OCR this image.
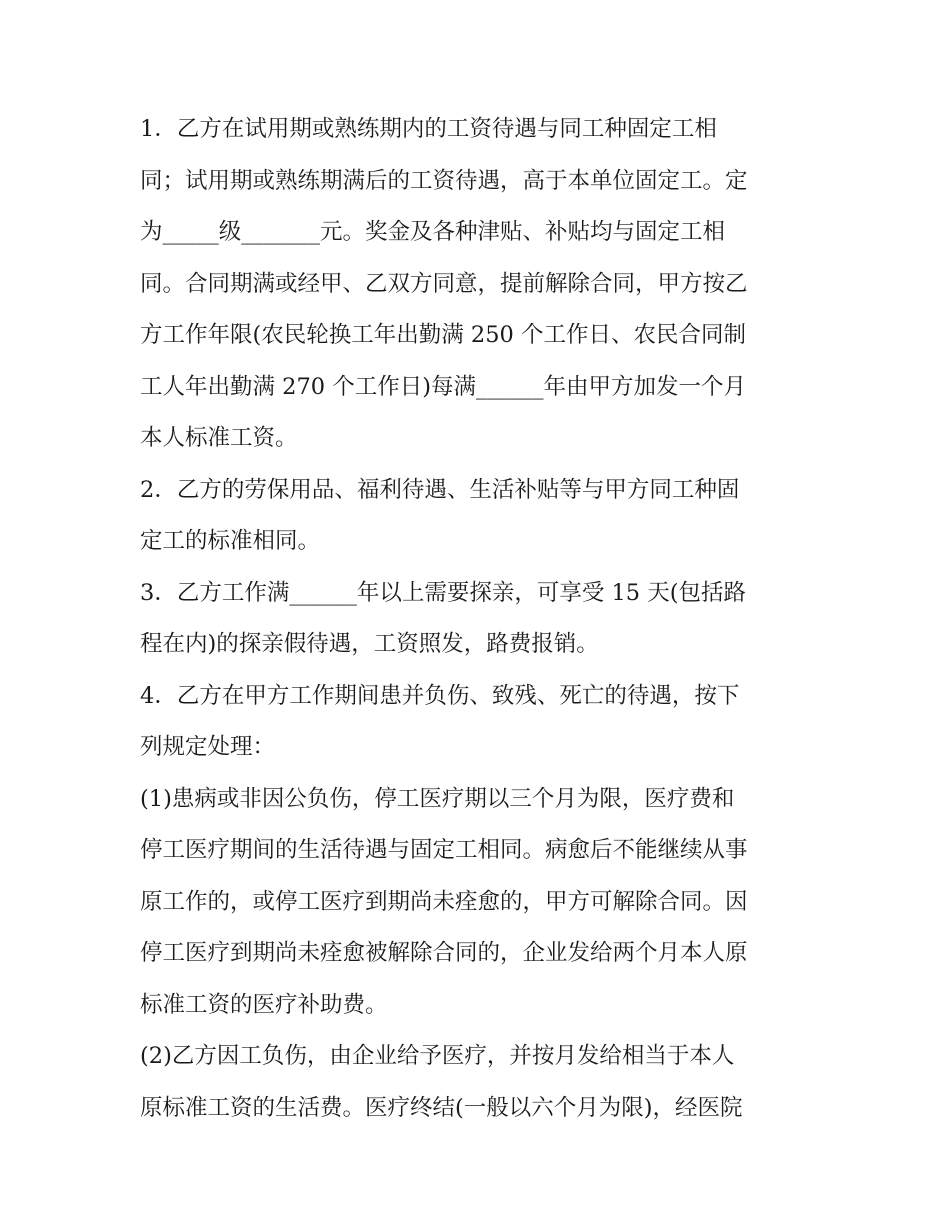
1．乙方在试用期或熟练期内的工资待遇与同工种固定工相
同；试用期或熟练期满后的工资待遇，高于本单位固定工。定
为_____级_______元。奖金及各种津贴、补贴均与固定工相
同。合同期满或经甲、乙双方同意，提前解除合同，甲方按乙
方工作年限(农民轮换工年出勤满 250 个工作日、农民合同制
工人年出勤满 270 个工作日)每满______年由甲方加发一个月
本人标准工资。
2．乙方的劳保用品、福利待遇、生活补贴等与甲方同工种固
定工的标准相同。
3．乙方工作满______年以上需要探亲，可享受 15 天(包括路
程在内)的探亲假待遇，工资照发，路费报销。
4．乙方在甲方工作期间患并负伤、致残、死亡的待遇，按下
列规定处理：
(1)患病或非因公负伤，停工医疗期以三个月为限，医疗费和
停工医疗期间的生活待遇与固定工相同。病愈后不能继续从事
原工作的，或停工医疗到期尚未痊愈的，甲方可解除合同。因
停工医疗到期尚未痊愈被解除合同的，企业发给两个月本人原
标准工资的医疗补助费。
(2)乙方因工负伤，由企业给予医疗，并按月发给相当于本人
原标准工资的生活费。医疗终结(一般以六个月为限)，经医院
